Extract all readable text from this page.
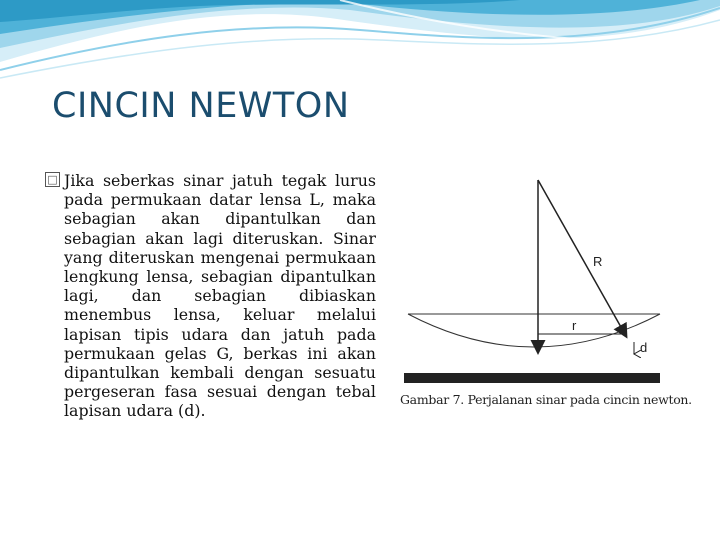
CINCIN NEWTON
□ Jika seberkas sinar jatuh tegak lurus pada permukaan datar lensa L, maka sebagian akan dipantulkan dan sebagian akan lagi diteruskan. Sinar yang diteruskan mengenai permukaan lengkung lensa, sebagian dipantulkan lagi, dan sebagian dibiaskan menembus lensa, keluar melalui lapisan tipis udara dan jatuh pada permukaan gelas G, berkas ini akan dipantulkan kembali dengan sesuatu pergeseran fasa sesuai dengan tebal lapisan udara (d).
R
r
d
Gambar 7. Perjalanan sinar pada cincin newton.
